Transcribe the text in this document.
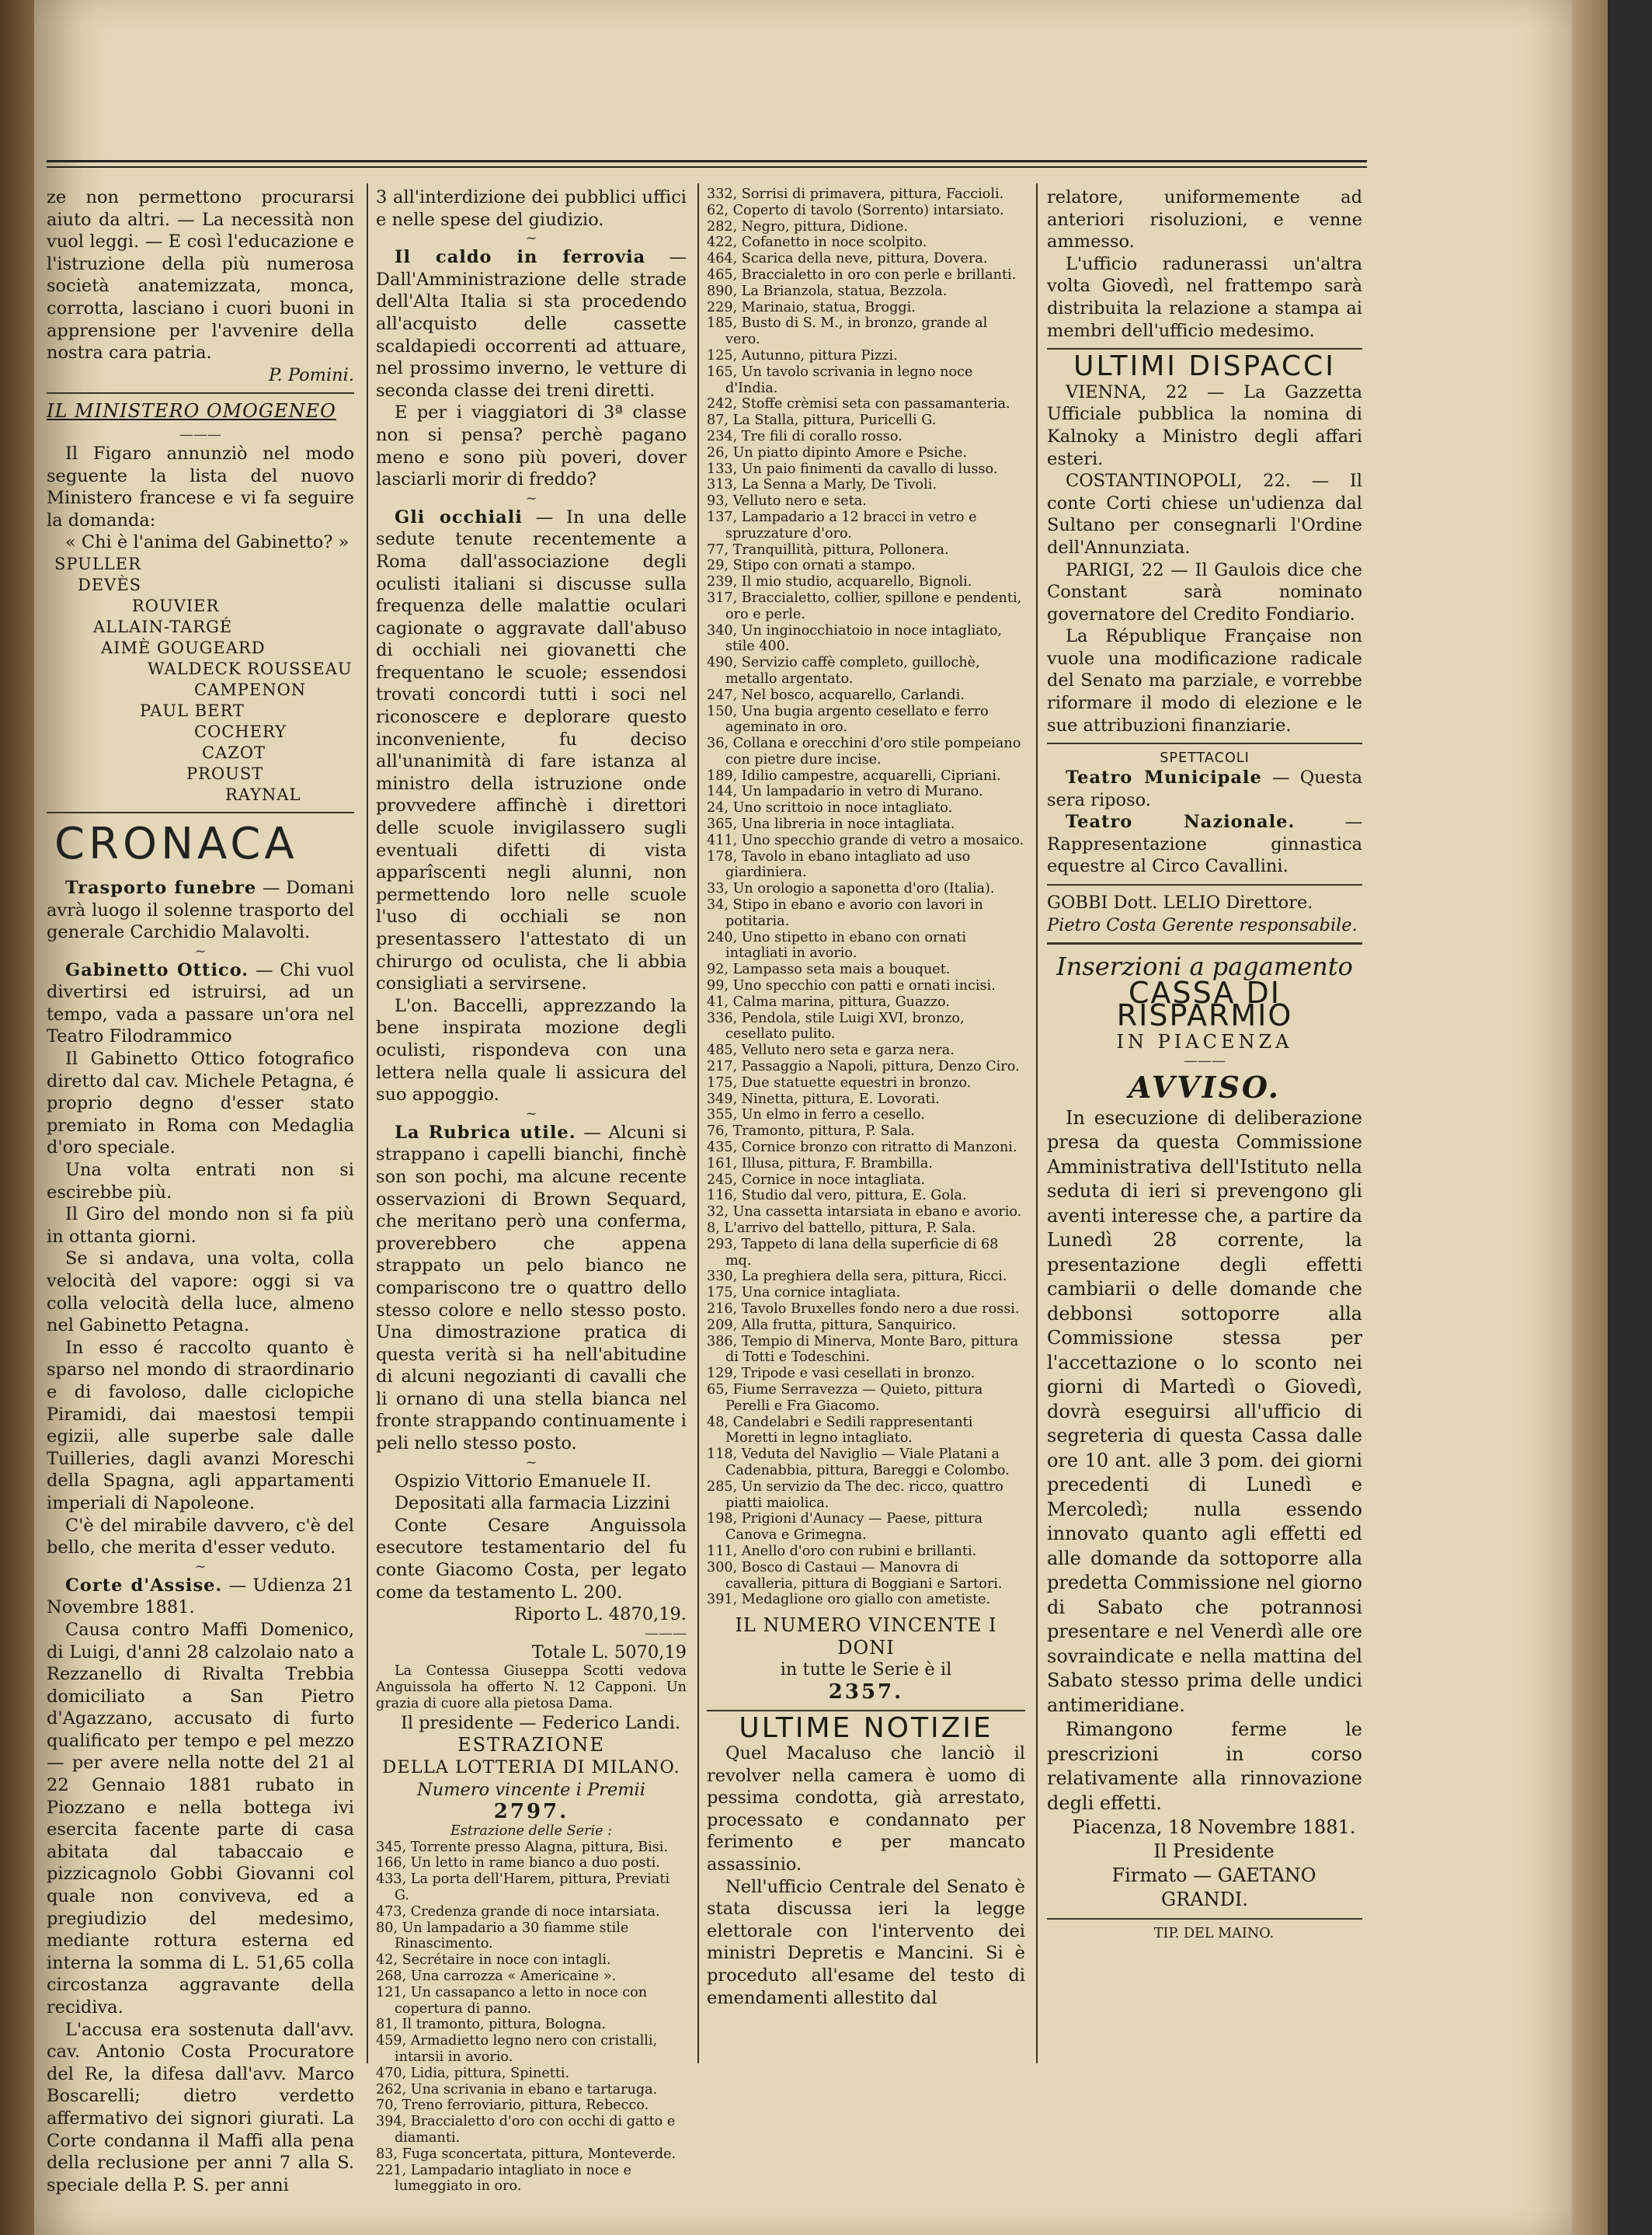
ze non permettono procurarsi aiuto da altri. — La necessità non vuol leggi. — E così l'educazione e l'istruzione della più numerosa società anatemizzata, monca, corrotta, lasciano i cuori buoni in apprensione per l'avvenire della nostra cara patria.

P. Pomini.

IL MINISTERO OMOGENEO
———

Il Figaro annunziò nel modo seguente la lista del nuovo Ministero francese e vi fa seguire la domanda:

« Chi è l'anima del Gabinetto? »

SPULLER
DEVÈS
ROUVIER
ALLAIN-TARGÉ
AIMÈ GOUGEARD
WALDECK ROUSSEAU
CAMPENON
PAUL BERT
COCHERY
CAZOT
PROUST
RAYNAL
CRONACA

Trasporto funebre — Domani avrà luogo il solenne trasporto del generale Carchidio Malavolti.

~

Gabinetto Ottico. — Chi vuol divertirsi ed istruirsi, ad un tempo, vada a passare un'ora nel Teatro Filodrammico

Il Gabinetto Ottico fotografico diretto dal cav. Michele Petagna, é proprio degno d'esser stato premiato in Roma con Medaglia d'oro speciale.

Una volta entrati non si escirebbe più.

Il Giro del mondo non si fa più in ottanta giorni.

Se si andava, una volta, colla velocità del vapore: oggi si va colla velocità della luce, almeno nel Gabinetto Petagna.

In esso é raccolto quanto è sparso nel mondo di straordinario e di favoloso, dalle ciclopiche Piramidi, dai maestosi tempii egizii, alle superbe sale dalle Tuilleries, dagli avanzi Moreschi della Spagna, agli appartamenti imperiali di Napoleone.

C'è del mirabile davvero, c'è del bello, che merita d'esser veduto.

~

Corte d'Assise. — Udienza 21 Novembre 1881.

Causa contro Maffi Domenico, di Luigi, d'anni 28 calzolaio nato a Rezzanello di Rivalta Trebbia domiciliato a San Pietro d'Agazzano, accusato di furto qualificato per tempo e pel mezzo — per avere nella notte del 21 al 22 Gennaio 1881 rubato in Piozzano e nella bottega ivi esercita facente parte di casa abitata dal tabaccaio e pizzicagnolo Gobbi Giovanni col quale non conviveva, ed a pregiudizio del medesimo, mediante rottura esterna ed interna la somma di L. 51,65 colla circostanza aggravante della recidiva.

L'accusa era sostenuta dall'avv. cav. Antonio Costa Procuratore del Re, la difesa dall'avv. Marco Boscarelli; dietro verdetto affermativo dei signori giurati. La Corte condanna il Maffi alla pena della reclusione per anni 7 alla S. speciale della P. S. per anni

3 all'interdizione dei pubblici uffici e nelle spese del giudizio.

~

Il caldo in ferrovia — Dall'Amministrazione delle strade dell'Alta Italia si sta procedendo all'acquisto delle cassette scaldapiedi occorrenti ad attuare, nel prossimo inverno, le vetture di seconda classe dei treni diretti.

E per i viaggiatori di 3ª classe non si pensa? perchè pagano meno e sono più poveri, dover lasciarli morir di freddo?

~

Gli occhiali — In una delle sedute tenute recentemente a Roma dall'associazione degli oculisti italiani si discusse sulla frequenza delle malattie oculari cagionate o aggravate dall'abuso di occhiali nei giovanetti che frequentano le scuole; essendosi trovati concordi tutti i soci nel riconoscere e deplorare questo inconveniente, fu deciso all'unanimità di fare istanza al ministro della istruzione onde provvedere affinchè i direttori delle scuole invigilassero sugli eventuali difetti di vista apparîscenti negli alunni, non permettendo loro nelle scuole l'uso di occhiali se non presentassero l'attestato di un chirurgo od oculista, che li abbia consigliati a servirsene.

L'on. Baccelli, apprezzando la bene inspirata mozione degli oculisti, rispondeva con una lettera nella quale li assicura del suo appoggio.

~

La Rubrica utile. — Alcuni si strappano i capelli bianchi, finchè son son pochi, ma alcune recente osservazioni di Brown Sequard, che meritano però una conferma, proverebbero che appena strappato un pelo bianco ne compariscono tre o quattro dello stesso colore e nello stesso posto. Una dimostrazione pratica di questa verità si ha nell'abitudine di alcuni negozianti di cavalli che li ornano di una stella bianca nel fronte strappando continuamente i peli nello stesso posto.

~

Ospizio Vittorio Emanuele II.

Depositati alla farmacia Lizzini

Conte Cesare Anguissola esecutore testamentario del fu conte Giacomo Costa, per legato come da testamento L. 200.

Riporto L. 4870,19.

———

Totale L. 5070,19

La Contessa Giuseppa Scotti vedova Anguissola ha offerto N. 12 Capponi. Un grazia di cuore alla pietosa Dama.

Il presidente — Federico Landi.

ESTRAZIONE
DELLA LOTTERIA DI MILANO.
Numero vincente i Premii
2797.
Estrazione delle Serie :

345, Torrente presso Alagna, pittura, Bisi.

166, Un letto in rame bianco a duo posti.

433, La porta dell'Harem, pittura, Previati G.

473, Credenza grande di noce intarsiata.

80, Un lampadario a 30 fiamme stile Rinascimento.

42, Secrétaire in noce con intagli.

268, Una carrozza « Americaine ».

121, Un cassapanco a letto in noce con copertura di panno.

81, Il tramonto, pittura, Bologna.

459, Armadietto legno nero con cristalli, intarsii in avorio.

470, Lidia, pittura, Spinetti.

262, Una scrivania in ebano e tartaruga.

70, Treno ferroviario, pittura, Rebecco.

394, Braccialetto d'oro con occhi di gatto e diamanti.

83, Fuga sconcertata, pittura, Monteverde.

221, Lampadario intagliato in noce e lumeggiato in oro.

332, Sorrisi di primavera, pittura, Faccioli.

62, Coperto di tavolo (Sorrento) intarsiato.

282, Negro, pittura, Didione.

422, Cofanetto in noce scolpito.

464, Scarica della neve, pittura, Dovera.

465, Braccialetto in oro con perle e brillanti.

890, La Brianzola, statua, Bezzola.

229, Marinaio, statua, Broggi.

185, Busto di S. M., in bronzo, grande al vero.

125, Autunno, pittura Pizzi.

165, Un tavolo scrivania in legno noce d'India.

242, Stoffe crèmisi seta con passamanteria.

87, La Stalla, pittura, Puricelli G.

234, Tre fili di corallo rosso.

26, Un piatto dipinto Amore e Psiche.

133, Un paio finimenti da cavallo di lusso.

313, La Senna a Marly, De Tivoli.

93, Velluto nero e seta.

137, Lampadario a 12 bracci in vetro e spruzzature d'oro.

77, Tranquillità, pittura, Pollonera.

29, Stipo con ornati a stampo.

239, Il mio studio, acquarello, Bignoli.

317, Braccialetto, collier, spillone e pendenti, oro e perle.

340, Un inginocchiatoio in noce intagliato, stile 400.

490, Servizio caffè completo, guillochè, metallo argentato.

247, Nel bosco, acquarello, Carlandi.

150, Una bugia argento cesellato e ferro ageminato in oro.

36, Collana e orecchini d'oro stile pompeiano con pietre dure incise.

189, Idilio campestre, acquarelli, Cipriani.

144, Un lampadario in vetro di Murano.

24, Uno scrittoio in noce intagliato.

365, Una libreria in noce intagliata.

411, Uno specchio grande di vetro a mosaico.

178, Tavolo in ebano intagliato ad uso giardiniera.

33, Un orologio a saponetta d'oro (Italia).

34, Stipo in ebano e avorio con lavori in potitaria.

240, Uno stipetto in ebano con ornati intagliati in avorio.

92, Lampasso seta mais a bouquet.

99, Uno specchio con patti e ornati incisi.

41, Calma marina, pittura, Guazzo.

336, Pendola, stile Luigi XVI, bronzo, cesellato pulito.

485, Velluto nero seta e garza nera.

217, Passaggio a Napoli, pittura, Denzo Ciro.

175, Due statuette equestri in bronzo.

349, Ninetta, pittura, E. Lovorati.

355, Un elmo in ferro a cesello.

76, Tramonto, pittura, P. Sala.

435, Cornice bronzo con ritratto di Manzoni.

161, Illusa, pittura, F. Brambilla.

245, Cornice in noce intagliata.

116, Studio dal vero, pittura, E. Gola.

32, Una cassetta intarsiata in ebano e avorio.

8, L'arrivo del battello, pittura, P. Sala.

293, Tappeto di lana della superficie di 68 mq.

330, La preghiera della sera, pittura, Ricci.

175, Una cornice intagliata.

216, Tavolo Bruxelles fondo nero a due rossi.

209, Alla frutta, pittura, Sanquirico.

386, Tempio di Minerva, Monte Baro, pittura di Totti e Todeschini.

129, Tripode e vasi cesellati in bronzo.

65, Fiume Serravezza — Quieto, pittura Perelli e Fra Giacomo.

48, Candelabri e Sedili rappresentanti Moretti in legno intagliato.

118, Veduta del Naviglio — Viale Platani a Cadenabbia, pittura, Bareggi e Colombo.

285, Un servizio da The dec. ricco, quattro piatti maiolica.

198, Prigioni d'Aunacy — Paese, pittura Canova e Grimegna.

111, Anello d'oro con rubini e brillanti.

300, Bosco di Castaui — Manovra di cavalleria, pittura di Boggiani e Sartori.

391, Medaglione oro giallo con ametiste.

IL NUMERO VINCENTE I DONI
in tutte le Serie è il
2357.
ULTIME NOTIZIE

Quel Macaluso che lanciò il revolver nella camera è uomo di pessima condotta, già arrestato, processato e condannato per ferimento e per mancato assassinio.

Nell'ufficio Centrale del Senato è stata discussa ieri la legge elettorale con l'intervento dei ministri Depretis e Mancini. Si è proceduto all'esame del testo di emendamenti allestito dal

relatore, uniformemente ad anteriori risoluzioni, e venne ammesso.

L'ufficio radunerassi un'altra volta Giovedì, nel frattempo sarà distribuita la relazione a stampa ai membri dell'ufficio medesimo.

ULTIMI DISPACCI

VIENNA, 22 — La Gazzetta Ufficiale pubblica la nomina di Kalnoky a Ministro degli affari esteri.

COSTANTINOPOLI, 22. — Il conte Corti chiese un'udienza dal Sultano per consegnarli l'Ordine dell'Annunziata.

PARIGI, 22 — Il Gaulois dice che Constant sarà nominato governatore del Credito Fondiario.

La République Française non vuole una modificazione radicale del Senato ma parziale, e vorrebbe riformare il modo di elezione e le sue attribuzioni finanziarie.

SPETTACOLI

Teatro Municipale — Questa sera riposo.

Teatro Nazionale.	— Rappresentazione ginnastica equestre al Circo Cavallini.

GOBBI Dott. LELIO Direttore.

Pietro Costa Gerente responsabile.

Inserzioni a pagamento
CASSA DI RISPARMIO
IN PIACENZA
———
AVVISO.

In esecuzione di deliberazione presa da questa Commissione Amministrativa dell'Istituto nella seduta di ieri si prevengono gli aventi interesse che, a partire da Lunedì 28 corrente, la presentazione degli effetti cambiarii o delle domande che debbonsi sottoporre alla Commissione stessa per l'accettazione o lo sconto nei giorni di Martedì o Giovedì, dovrà eseguirsi all'ufficio di segreteria di questa Cassa dalle ore 10 ant. alle 3 pom. dei giorni precedenti di Lunedì e Mercoledì; nulla essendo innovato quanto agli effetti ed alle domande da sottoporre alla predetta Commissione nel giorno di Sabato che potrannosi presentare e nel Venerdì alle ore sovraindicate e nella mattina del Sabato stesso prima delle undici antimeridiane.

Rimangono ferme le prescrizioni in corso relativamente alla rinnovazione degli effetti.

Piacenza, 18 Novembre 1881.

Il Presidente

Firmato — GAETANO GRANDI.

TIP. DEL MAINO.
